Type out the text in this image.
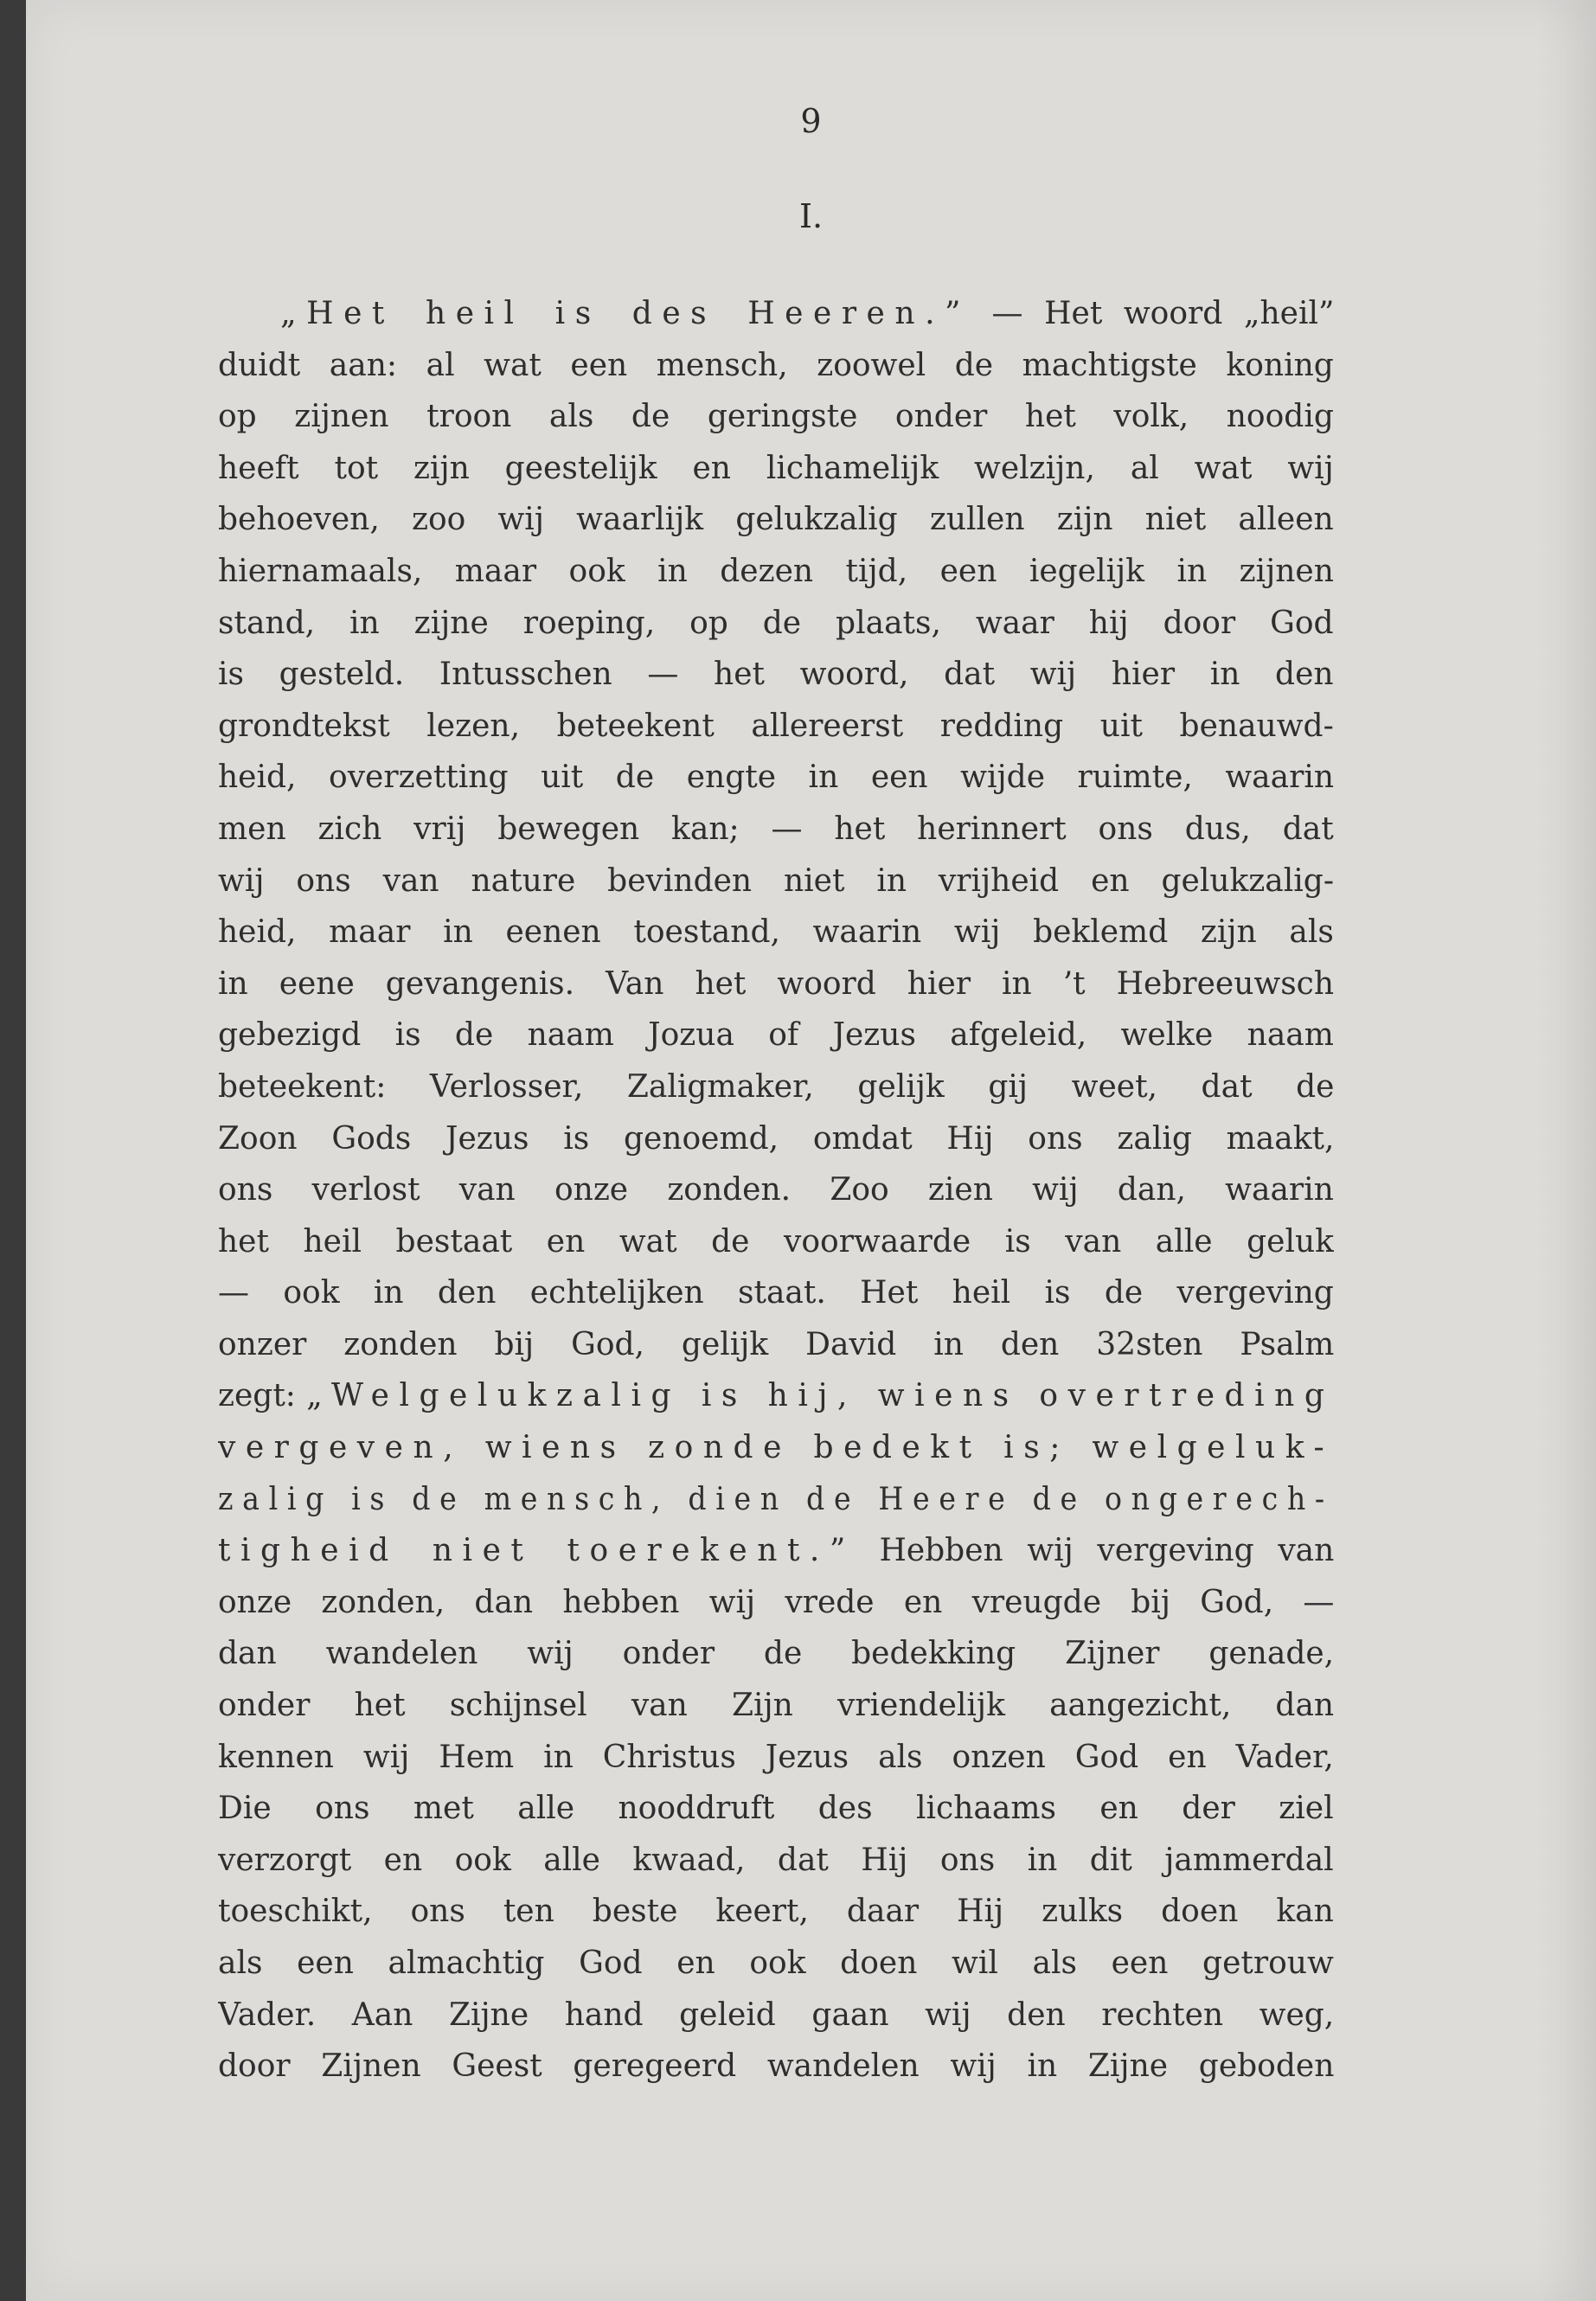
9
I.
„Het heil is des Heeren.” — Het woord „heil”
duidt aan: al wat een mensch, zoowel de machtigste koning
op zijnen troon als de geringste onder het volk, noodig
heeft tot zijn geestelijk en lichamelijk welzijn, al wat wij
behoeven, zoo wij waarlijk gelukzalig zullen zijn niet alleen
hiernamaals, maar ook in dezen tijd, een iegelijk in zijnen
stand, in zijne roeping, op de plaats, waar hij door God
is gesteld. Intusschen — het woord, dat wij hier in den
grondtekst lezen, beteekent allereerst redding uit benauwd-
heid, overzetting uit de engte in een wijde ruimte, waarin
men zich vrij bewegen kan; — het herinnert ons dus, dat
wij ons van nature bevinden niet in vrijheid en gelukzalig-
heid, maar in eenen toestand, waarin wij beklemd zijn als
in eene gevangenis. Van het woord hier in ’t Hebreeuwsch
gebezigd is de naam Jozua of Jezus afgeleid, welke naam
beteekent: Verlosser, Zaligmaker, gelijk gij weet, dat de
Zoon Gods Jezus is genoemd, omdat Hij ons zalig maakt,
ons verlost van onze zonden. Zoo zien wij dan, waarin
het heil bestaat en wat de voorwaarde is van alle geluk
— ook in den echtelijken staat. Het heil is de vergeving
onzer zonden bij God, gelijk David in den 32sten Psalm
zegt: „Welgelukzalig is hij, wiens overtreding
vergeven, wiens zonde bedekt is; welgeluk-
zalig is de mensch, dien de Heere de ongerech-
tigheid niet toerekent.” Hebben wij vergeving van
onze zonden, dan hebben wij vrede en vreugde bij God, —
dan wandelen wij onder de bedekking Zijner genade,
onder het schijnsel van Zijn vriendelijk aangezicht, dan
kennen wij Hem in Christus Jezus als onzen God en Vader,
Die ons met alle nooddruft des lichaams en der ziel
verzorgt en ook alle kwaad, dat Hij ons in dit jammerdal
toeschikt, ons ten beste keert, daar Hij zulks doen kan
als een almachtig God en ook doen wil als een getrouw
Vader. Aan Zijne hand geleid gaan wij den rechten weg,
door Zijnen Geest geregeerd wandelen wij in Zijne geboden
